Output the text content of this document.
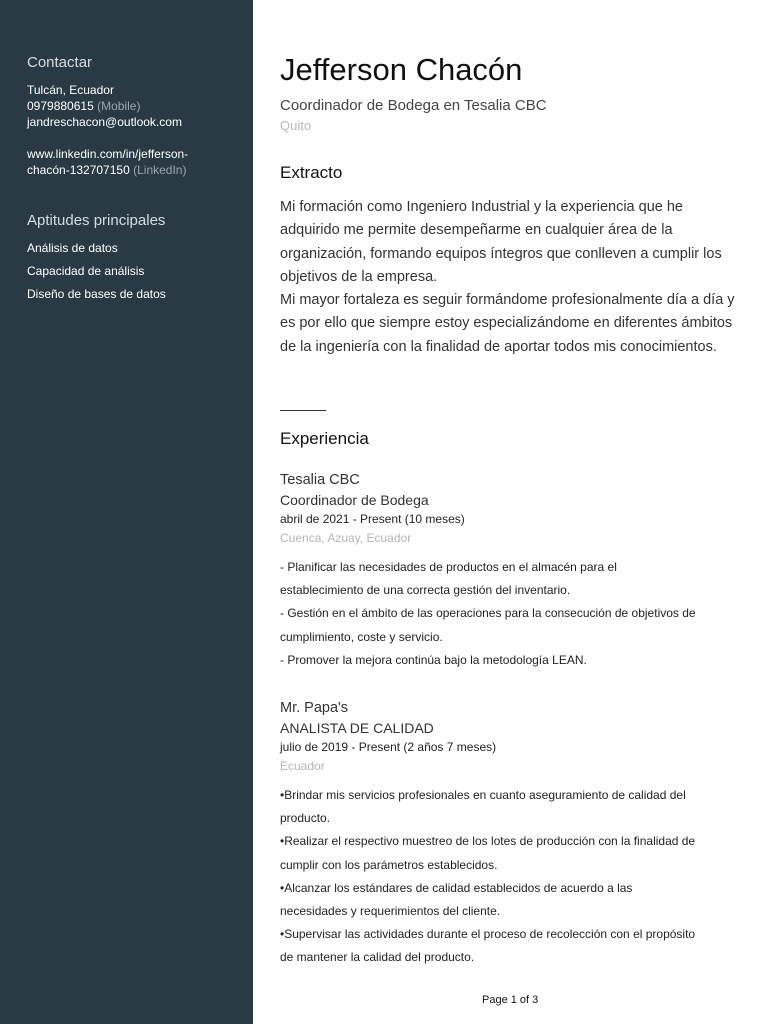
Contactar
Tulcán, Ecuador
0979880615 (Mobile)
jandreschacon@outlook.com
www.linkedin.com/in/jefferson-
chacón-132707150 (LinkedIn)
Aptitudes principales
Análisis de datos
Capacidad de análisis
Diseño de bases de datos
Jefferson Chacón
Coordinador de Bodega en Tesalia CBC
Quito
Extracto

Mi formación como Ingeniero Industrial y la experiencia que he adquirido me permite desempeñarme en cualquier área de la organización, formando equipos íntegros que conlleven a cumplir los objetivos de la empresa.

Mi mayor fortaleza es seguir formándome profesionalmente día a día y es por ello que siempre estoy especializándome en diferentes ámbitos de la ingeniería con la finalidad de aportar todos mis conocimientos.

Experiencia
Tesalia CBC
Coordinador de Bodega
abril de 2021 - Present (10 meses)
Cuenca, Azuay, Ecuador
- Planificar las necesidades de productos en el almacén para el
establecimiento de una correcta gestión del inventario.
- Gestión en el ámbito de las operaciones para la consecución de objetivos de
cumplimiento, coste y servicio.
- Promover la mejora continúa bajo la metodología LEAN.
Mr. Papa's
ANALISTA DE CALIDAD
julio de 2019 - Present (2 años 7 meses)
Ecuador
•Brindar mis servicios profesionales en cuanto aseguramiento de calidad del
producto.
•Realizar el respectivo muestreo de los lotes de producción con la finalidad de
cumplir con los parámetros establecidos.
•Alcanzar los estándares de calidad establecidos de acuerdo a las
necesidades y requerimientos del cliente.
•Supervisar las actividades durante el proceso de recolección con el propósito
de mantener la calidad del producto.
Page 1 of 3
